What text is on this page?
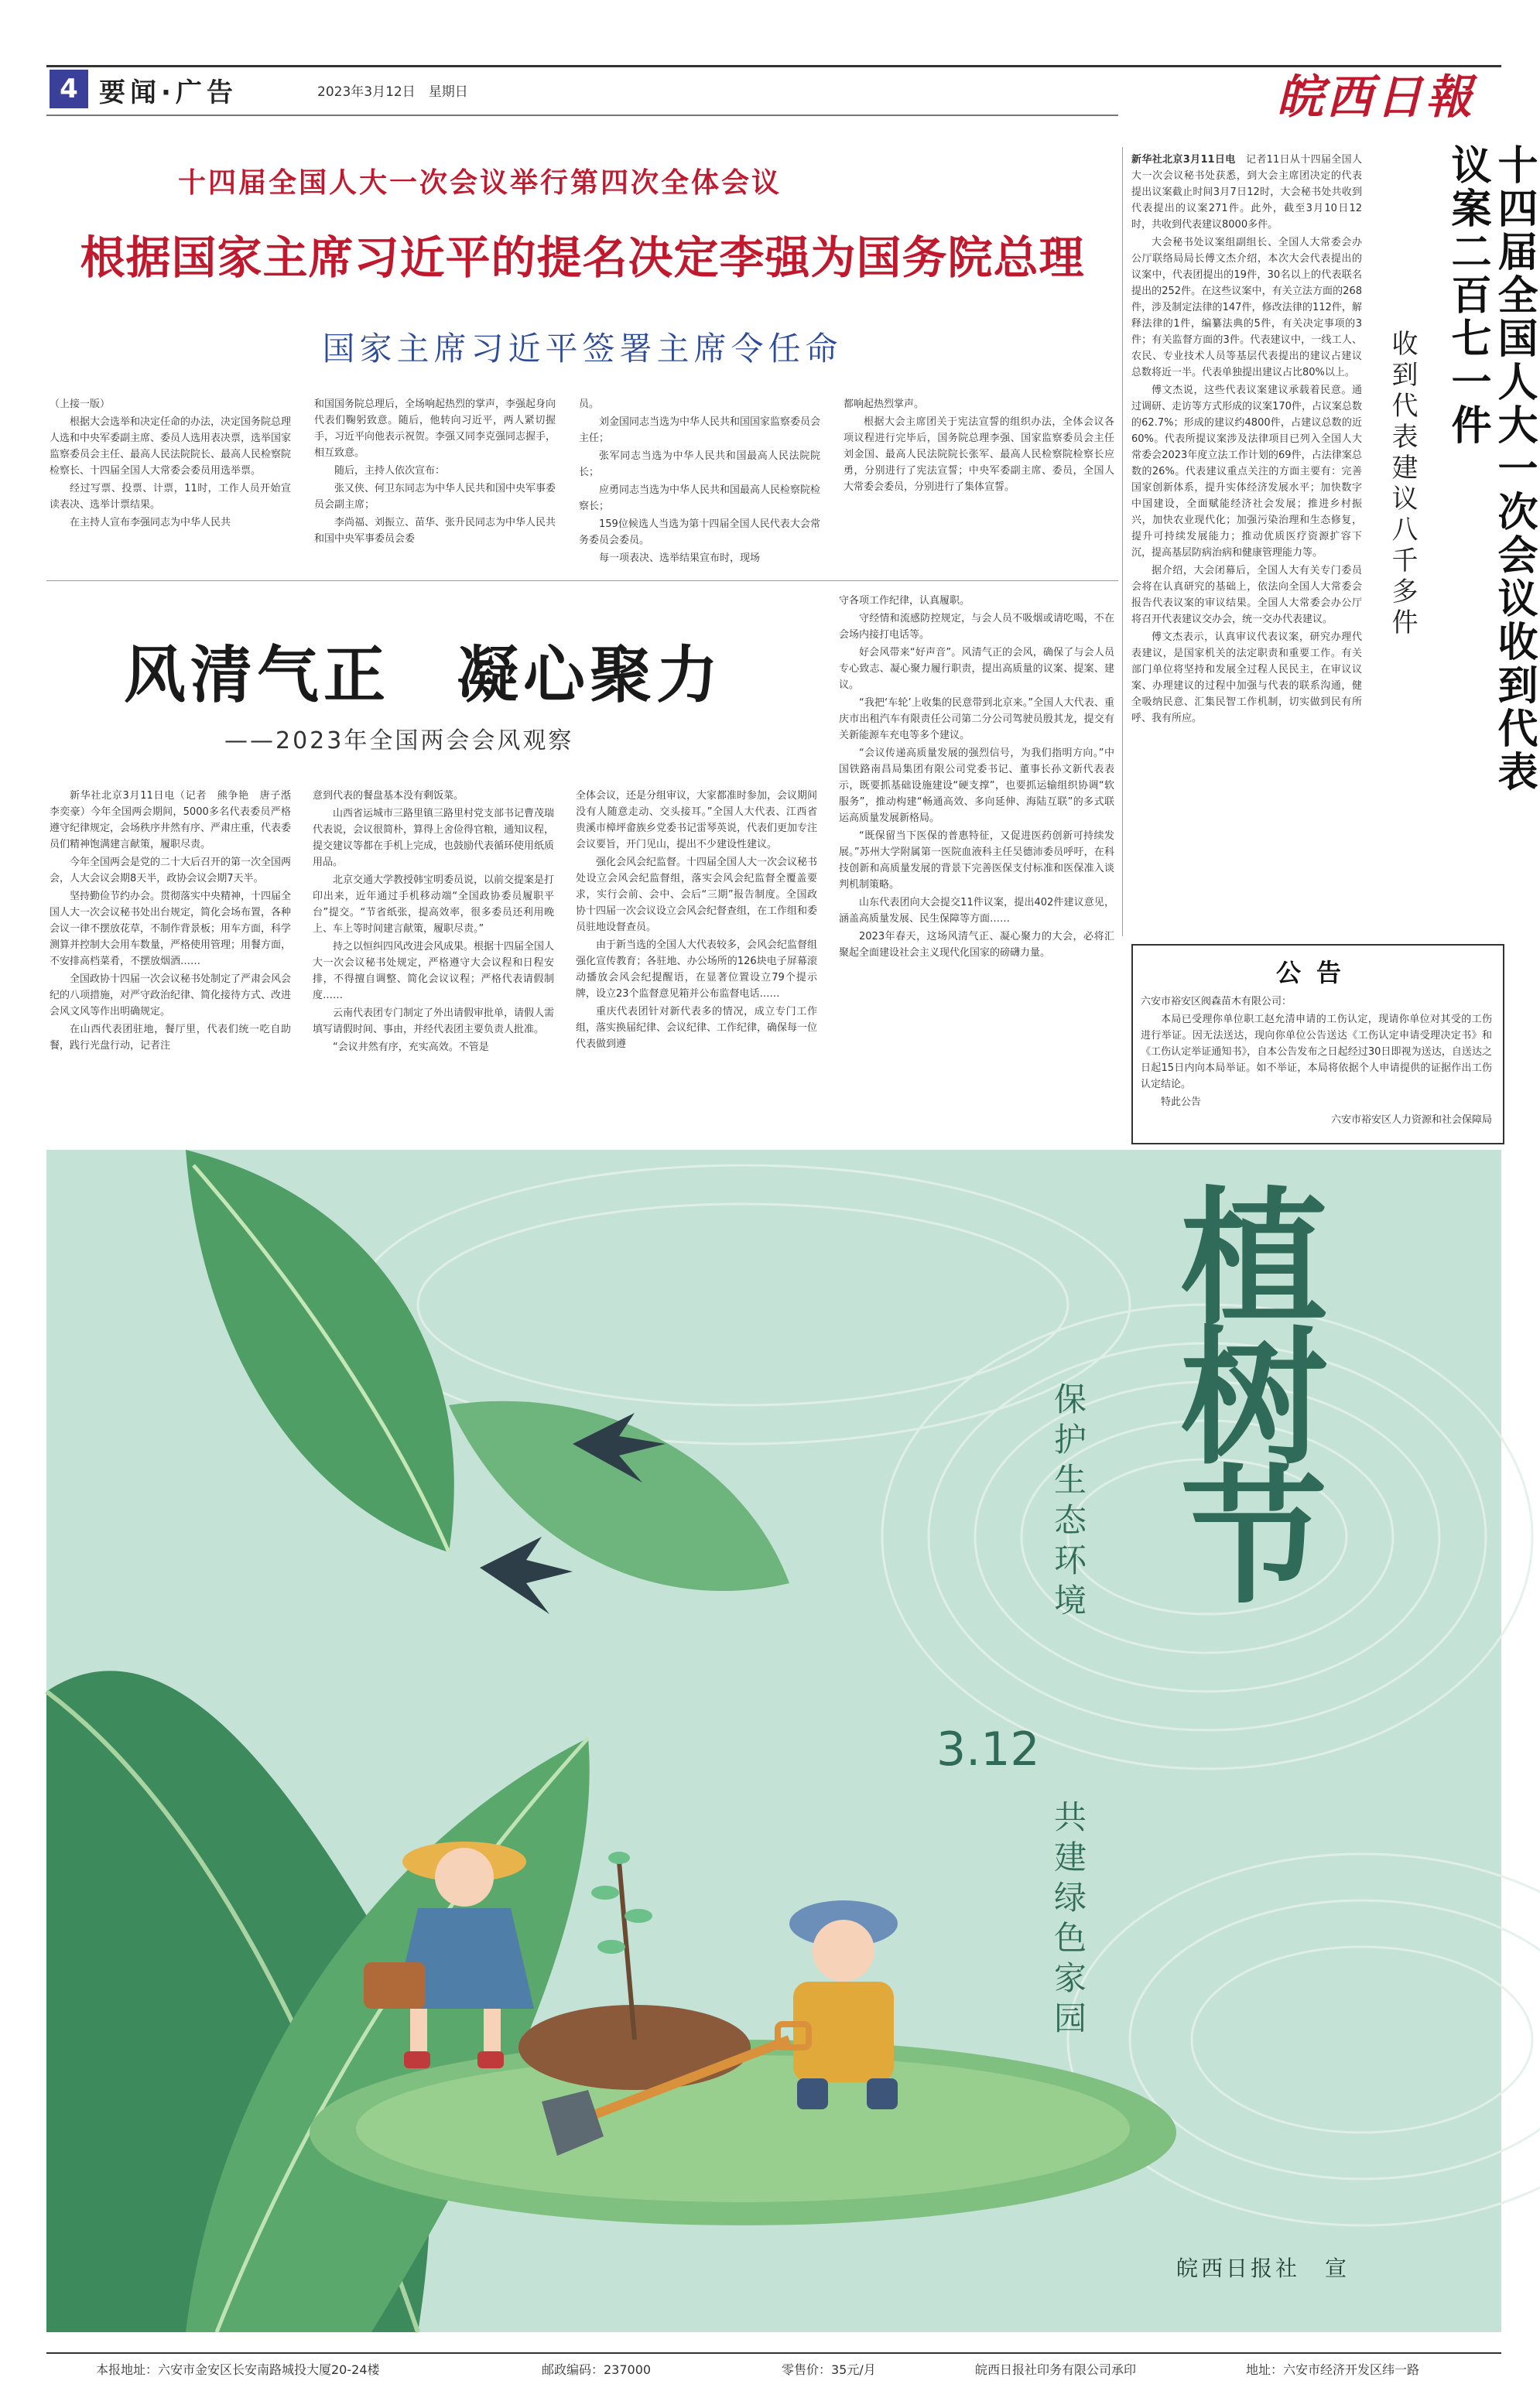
4 要闻·广告	2023年3月12日　星期日	皖西日報
十四届全国人大一次会议举行第四次全体会议
根据国家主席习近平的提名决定李强为国务院总理
国家主席习近平签署主席令任命

（上接一版）

根据大会选举和决定任命的办法，决定国务院总理人选和中央军委副主席、委员人选用表决票，选举国家监察委员会主任、最高人民法院院长、最高人民检察院检察长、十四届全国人大常委会委员用选举票。

经过写票、投票、计票，11时，工作人员开始宣读表决、选举计票结果。

在主持人宣布李强同志为中华人民共

和国国务院总理后，全场响起热烈的掌声，李强起身向代表们鞠躬致意。随后，他转向习近平，两人紧切握手，习近平向他表示祝贺。李强又同李克强同志握手，相互致意。

随后，主持人依次宣布：

张又侠、何卫东同志为中华人民共和国中央军事委员会副主席；

李尚福、刘振立、苗华、张升民同志为中华人民共和国中央军事委员会委

员。

刘金国同志当选为中华人民共和国国家监察委员会主任；

张军同志当选为中华人民共和国最高人民法院院长；

应勇同志当选为中华人民共和国最高人民检察院检察长；

159位候选人当选为第十四届全国人民代表大会常务委员会委员。

每一项表决、选举结果宣布时，现场

都响起热烈掌声。

根据大会主席团关于宪法宣誓的组织办法，全体会议各项议程进行完毕后，国务院总理李强、国家监察委员会主任刘金国、最高人民法院院长张军、最高人民检察院检察长应勇，分别进行了宪法宣誓；中央军委副主席、委员，全国人大常委会委员，分别进行了集体宣誓。

新华社北京3月11日电　 记者11日从十四届全国人大一次会议秘书处获悉，到大会主席团决定的代表提出议案截止时间3月7日12时，大会秘书处共收到代表提出的议案271件。此外，截至3月10日12时，共收到代表建议8000多件。

大会秘书处议案组副组长、全国人大常委会办公厅联络局局长傅文杰介绍，本次大会代表提出的议案中，代表团提出的19件，30名以上的代表联名提出的252件。在这些议案中，有关立法方面的268件，涉及制定法律的147件，修改法律的112件，解释法律的1件，编纂法典的5件，有关决定事项的3件；有关监督方面的3件。代表建议中，一线工人、农民、专业技术人员等基层代表提出的建议占建议总数将近一半。代表单独提出建议占比80%以上。

傅文杰说，这些代表议案建议承载着民意。通过调研、走访等方式形成的议案170件，占议案总数的62.7%；形成的建议约4800件，占建议总数的近60%。代表所提议案涉及法律项目已列入全国人大常委会2023年度立法工作计划的69件，占法律案总数的26%。代表建议重点关注的方面主要有：完善国家创新体系，提升实体经济发展水平；加快数字中国建设，全面赋能经济社会发展；推进乡村振兴，加快农业现代化；加强污染治理和生态修复，提升可持续发展能力；推动优质医疗资源扩容下沉，提高基层防病治病和健康管理能力等。

据介绍，大会闭幕后，全国人大有关专门委员会将在认真研究的基础上，依法向全国人大常委会报告代表议案的审议结果。全国人大常委会办公厅将召开代表建议交办会，统一交办代表建议。

傅文杰表示，认真审议代表议案，研究办理代表建议，是国家机关的法定职责和重要工作。有关部门单位将坚持和发展全过程人民民主，在审议议案、办理建议的过程中加强与代表的联系沟通，健全吸纳民意、汇集民智工作机制，切实做到民有所呼、我有所应。	十四届全国人大一次会议收到代表议案二百七一件
收到代表建议八千多件
风清气正　凝心聚力
——2023年全国两会会风观察

新华社北京3月11日电（记者　熊争艳　唐子湉　李奕豪）今年全国两会期间，5000多名代表委员严格遵守纪律规定，会场秩序井然有序、严肃庄重，代表委员们精神饱满建言献策，履职尽责。

今年全国两会是党的二十大后召开的第一次全国两会，人大会议会期8天半，政协会议会期7天半。

坚持勤俭节约办会。贯彻落实中央精神，十四届全国人大一次会议秘书处出台规定，简化会场布置，各种会议一律不摆放花草，不制作背景板；用车方面，科学测算并控制大会用车数量，严格使用管理；用餐方面，不安排高档菜肴，不摆放烟酒……

全国政协十四届一次会议秘书处制定了严肃会风会纪的八项措施，对严守政治纪律、简化接待方式、改进会风文风等作出明确规定。

在山西代表团驻地，餐厅里，代表们统一吃自助餐，践行光盘行动，记者注

意到代表的餐盘基本没有剩饭菜。

山西省运城市三路里镇三路里村党支部书记曹茂瑞代表说，会议很简朴，算得上舍俭得官粮，通知议程，提交建议等都在手机上完成，也鼓励代表循环使用纸质用品。

北京交通大学教授韩宝明委员说，以前交提案是打印出来，近年通过手机移动端“全国政协委员履职平台”提交。“节省纸张，提高效率，很多委员还利用晚上、车上等时间建言献策，履职尽责。”

持之以恒纠四风改进会风成果。根据十四届全国人大一次会议秘书处规定，严格遵守大会议程和日程安排，不得擅自调整、简化会议议程；严格代表请假制度……

云南代表团专门制定了外出请假审批单，请假人需填写请假时间、事由，并经代表团主要负责人批准。

“会议井然有序，充实高效。不管是

全体会议，还是分组审议，大家都准时参加，会议期间没有人随意走动、交头接耳。”全国人大代表、江西省贵溪市樟坪畲族乡党委书记雷琴英说，代表们更加专注会议要旨，开门见山，提出不少建设性建议。

强化会风会纪监督。十四届全国人大一次会议秘书处设立会风会纪监督组，落实会风会纪监督全覆盖要求，实行会前、会中、会后“三期”报告制度。全国政协十四届一次会议设立会风会纪督查组，在工作组和委员驻地设督查员。

由于新当选的全国人大代表较多，会风会纪监督组强化宣传教育；各驻地、办公场所的126块电子屏幕滚动播放会风会纪提醒语，在显著位置设立79个提示牌，设立23个监督意见箱并公布监督电话……

重庆代表团针对新代表多的情况，成立专门工作组，落实换届纪律、会议纪律、工作纪律，确保每一位代表做到遵

守各项工作纪律，认真履职。

守经情和流感防控规定，与会人员不吸烟或请吃喝，不在会场内接打电话等。

好会风带来“好声音”。风清气正的会风，确保了与会人员专心致志、凝心聚力履行职责，提出高质量的议案、提案、建议。

“我把‘车轮’上收集的民意带到北京来。”全国人大代表、重庆市出租汽车有限责任公司第二分公司驾驶员殷其龙，提交有关新能源车充电等多个建议。

“会议传递高质量发展的强烈信号，为我们指明方向。”中国铁路南昌局集团有限公司党委书记、董事长孙文新代表表示，既要抓基础设施建设“硬支撑”，也要抓运输组织协调“软服务”，推动构建“畅通高效、多向延伸、海陆互联”的多式联运高质量发展新格局。

“既保留当下医保的普惠特征，又促进医药创新可持续发展。”苏州大学附属第一医院血液科主任吴德沛委员呼吁，在科技创新和高质量发展的背景下完善医保支付标准和医保准入谈判机制策略。

山东代表团向大会提交11件议案，提出402件建议意见，涵盖高质量发展、民生保障等方面……

2023年春天，这场风清气正、凝心聚力的大会，必将汇聚起全面建设社会主义现代化国家的磅礴力量。

公告

六安市裕安区阀森苗木有限公司：

本局已受理你单位职工赵允清申请的工伤认定，现请你单位对其受的工伤进行举证。因无法送达，现向你单位公告送达《工伤认定申请受理决定书》和《工伤认定举证通知书》，自本公告发布之日起经过30日即视为送达，自送达之日起15日内向本局举证。如不举证，本局将依据个人申请提供的证据作出工伤认定结论。

特此公告

六安市裕安区人力资源和社会保障局

植树节
保护生态环境
3.12
共建绿色家园
皖西日报社　宣
本报地址：六安市金安区长安南路城投大厦20-24楼	邮政编码：237000	零售价：35元/月	皖西日报社印务有限公司承印	地址：六安市经济开发区纬一路
